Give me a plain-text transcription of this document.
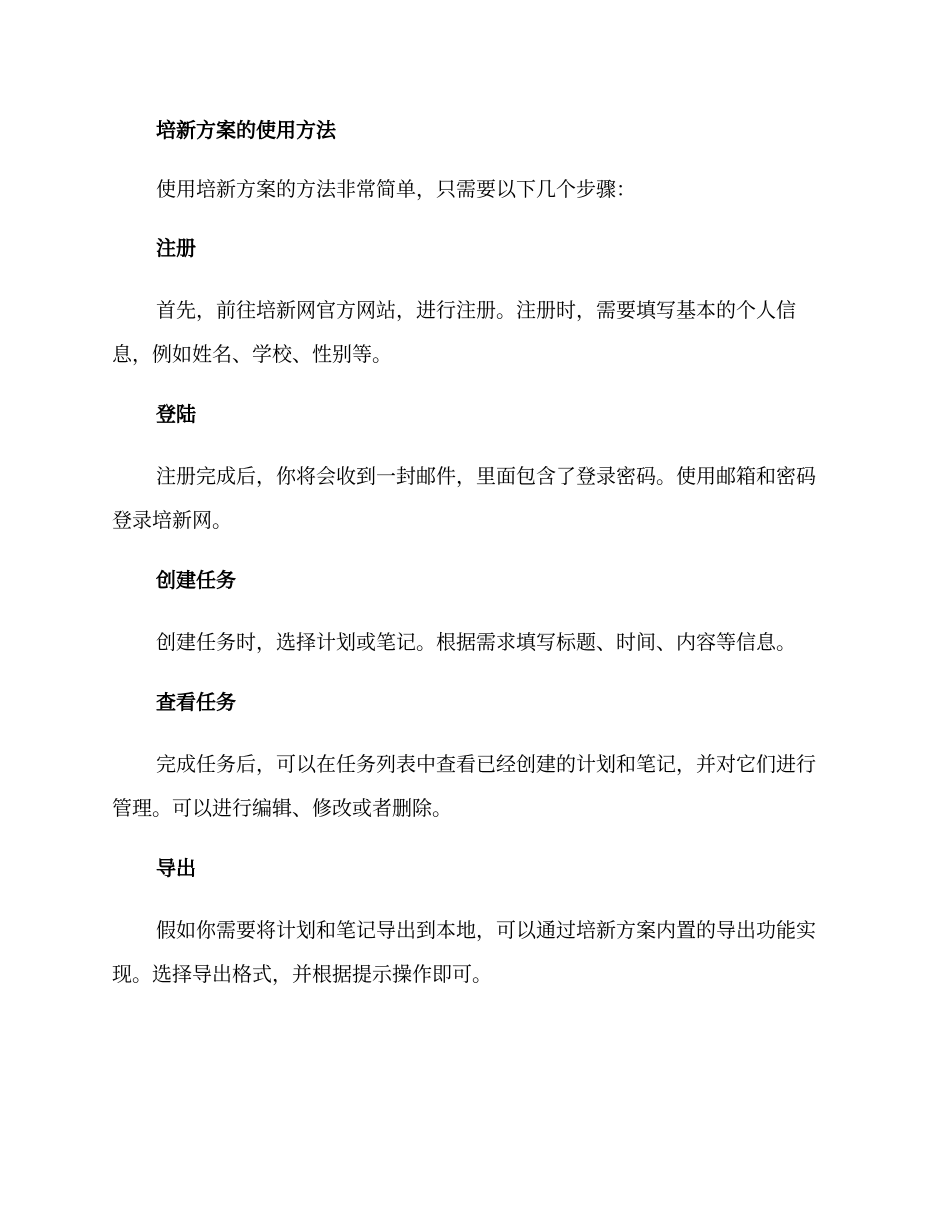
培新方案的使用方法

使用培新方案的方法非常简单，只需要以下几个步骤：

注册

首先，前往培新网官方网站，进行注册。注册时，需要填写基本的个人信息，例如姓名、学校、性别等。

登陆

注册完成后，你将会收到一封邮件，里面包含了登录密码。使用邮箱和密码登录培新网。

创建任务

创建任务时，选择计划或笔记。根据需求填写标题、时间、内容等信息。

查看任务

完成任务后，可以在任务列表中查看已经创建的计划和笔记，并对它们进行管理。可以进行编辑、修改或者删除。

导出

假如你需要将计划和笔记导出到本地，可以通过培新方案内置的导出功能实现。选择导出格式，并根据提示操作即可。
